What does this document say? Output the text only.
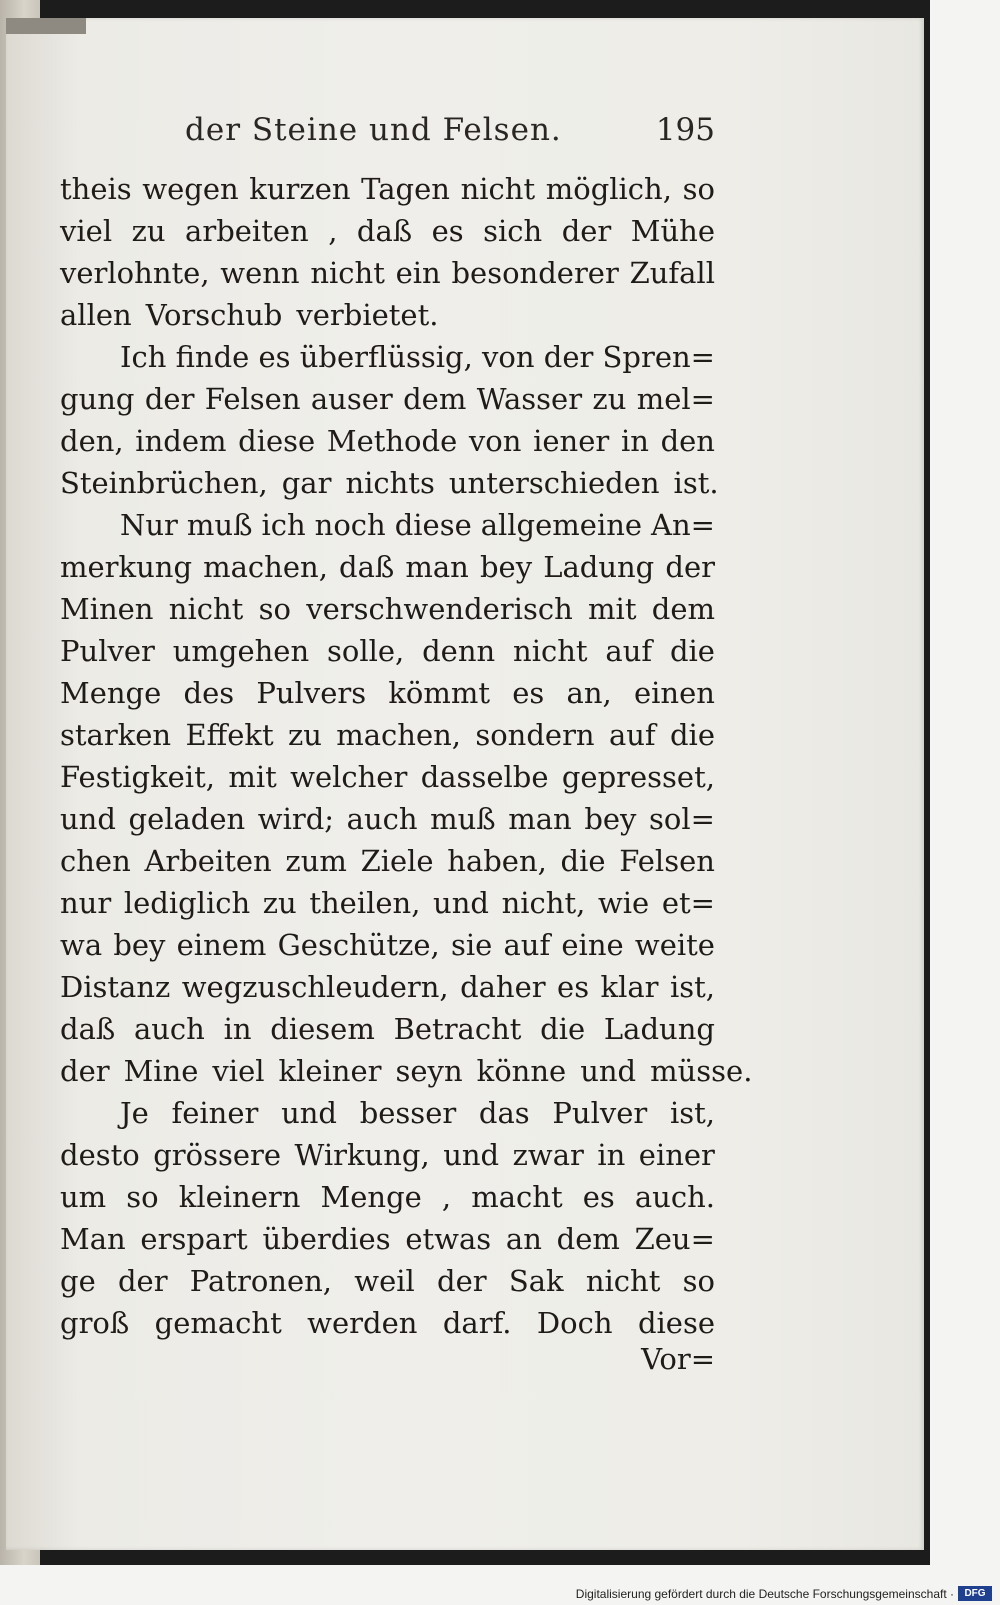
der Steine und Felsen.	195
theis wegen kurzen Tagen nicht möglich, so
viel zu arbeiten , daß es sich der Mühe
verlohnte, wenn nicht ein besonderer Zufall
allen Vorschub verbietet.
Ich finde es überflüssig, von der Spren=
gung der Felsen auser dem Wasser zu mel=
den, indem diese Methode von iener in den
Steinbrüchen, gar nichts unterschieden ist.
Nur muß ich noch diese allgemeine An=
merkung machen, daß man bey Ladung der
Minen nicht so verschwenderisch mit dem
Pulver umgehen solle, denn nicht auf die
Menge des Pulvers kömmt es an, einen
starken Effekt zu machen, sondern auf die
Festigkeit, mit welcher dasselbe gepresset,
und geladen wird; auch muß man bey sol=
chen Arbeiten zum Ziele haben, die Felsen
nur lediglich zu theilen, und nicht, wie et=
wa bey einem Geschütze, sie auf eine weite
Distanz wegzuschleudern, daher es klar ist,
daß auch in diesem Betracht die Ladung
der Mine viel kleiner seyn könne und müsse.
Je feiner und besser das Pulver ist,
desto grössere Wirkung, und zwar in einer
um so kleinern Menge , macht es auch.
Man erspart überdies etwas an dem Zeu=
ge der Patronen, weil der Sak nicht so
groß gemacht werden darf. Doch diese
Vor=
Digitalisierung gefördert durch die Deutsche Forschungsgemeinschaft ·	DFG
